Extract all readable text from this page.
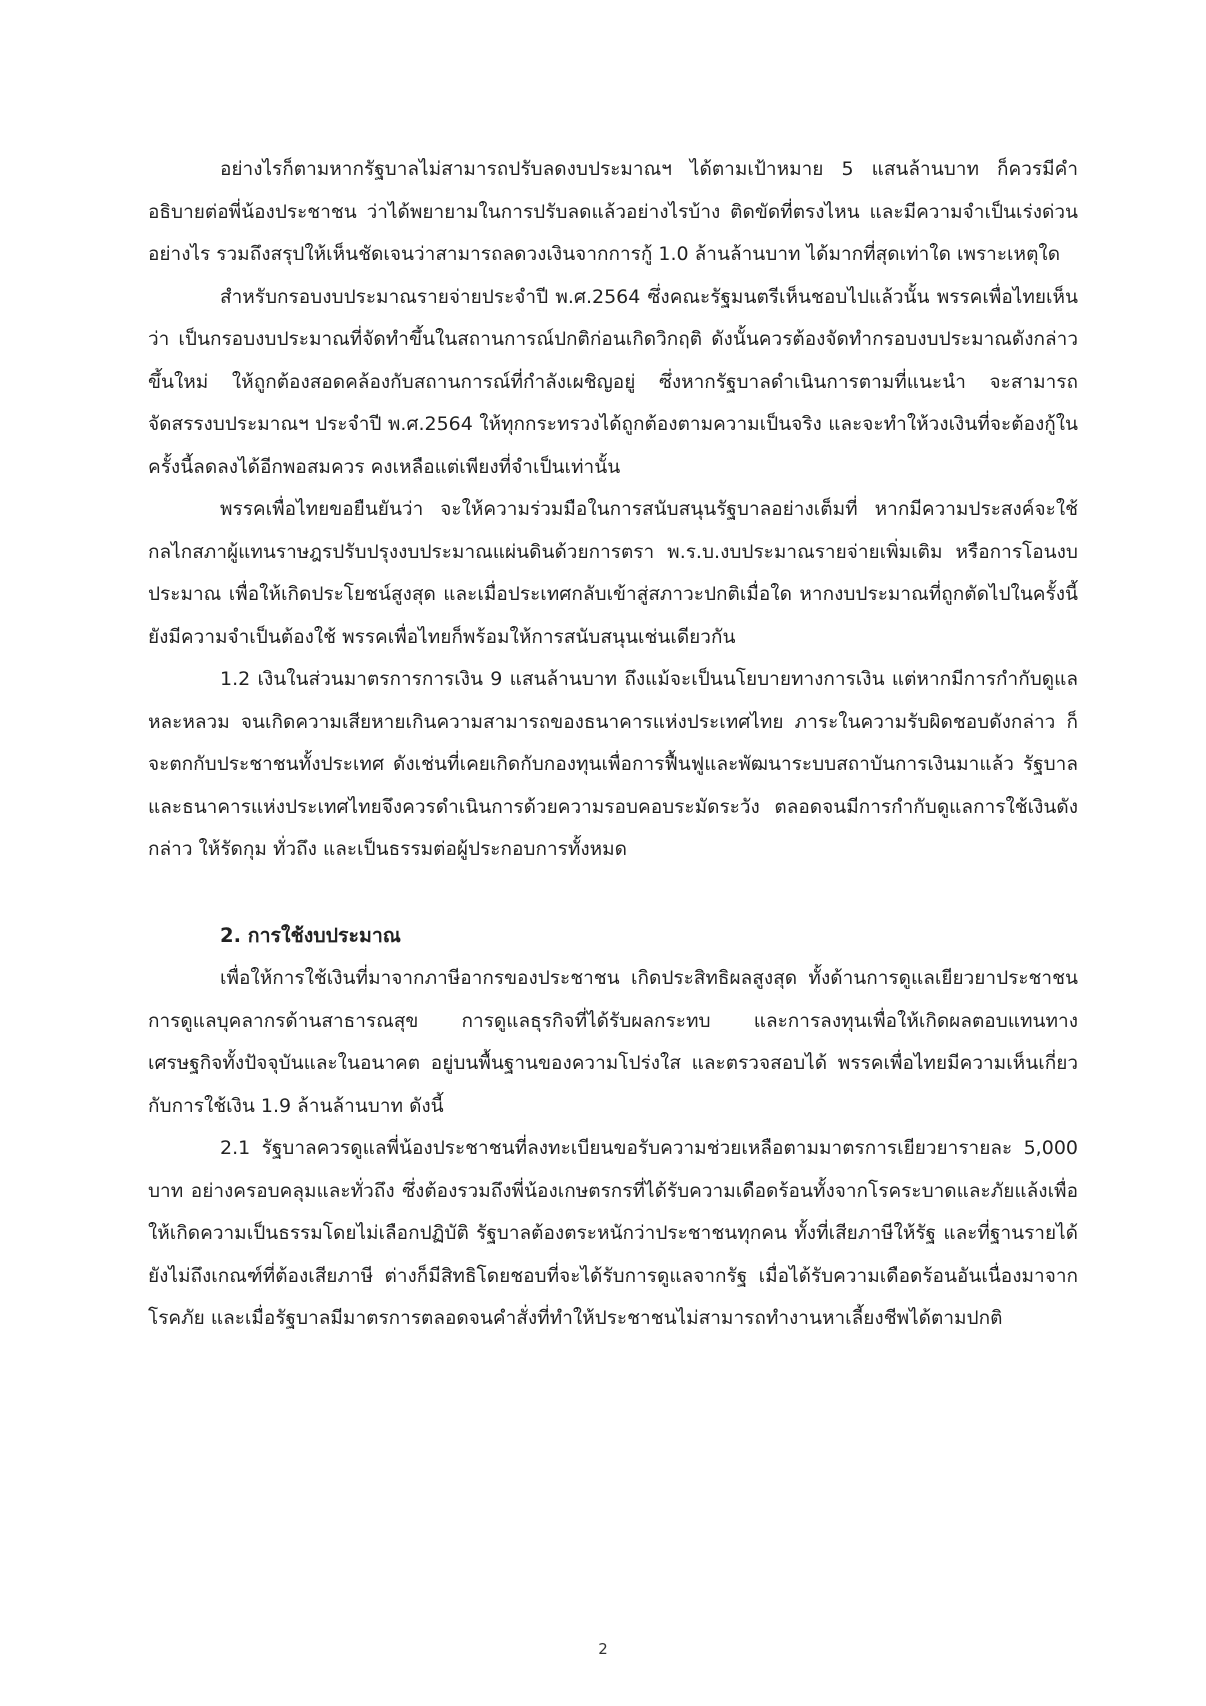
อย่างไรก็ตามหากรัฐบาลไม่สามารถปรับลดงบประมาณฯ ได้ตามเป้าหมาย 5 แสนล้านบาท ก็ควรมีคำอธิบายต่อพี่น้องประชาชน ว่าได้พยายามในการปรับลดแล้วอย่างไรบ้าง ติดขัดที่ตรงไหน และมีความจำเป็นเร่งด่วนอย่างไร รวมถึงสรุปให้เห็นชัดเจนว่าสามารถลดวงเงินจากการกู้ 1.0 ล้านล้านบาท ได้มากที่สุดเท่าใด เพราะเหตุใด

สำหรับกรอบงบประมาณรายจ่ายประจำปี พ.ศ.2564 ซึ่งคณะรัฐมนตรีเห็นชอบไปแล้วนั้น พรรคเพื่อไทยเห็นว่า เป็นกรอบงบประมาณที่จัดทำขึ้นในสถานการณ์ปกติก่อนเกิดวิกฤติ ดังนั้นควรต้องจัดทำกรอบงบประมาณดังกล่าวขึ้นใหม่ ให้ถูกต้องสอดคล้องกับสถานการณ์ที่กำลังเผชิญอยู่ ซึ่งหากรัฐบาลดำเนินการตามที่แนะนำ จะสามารถจัดสรรงบประมาณฯ ประจำปี พ.ศ.2564 ให้ทุกกระทรวงได้ถูกต้องตามความเป็นจริง และจะทำให้วงเงินที่จะต้องกู้ในครั้งนี้ลดลงได้อีกพอสมควร คงเหลือแต่เพียงที่จำเป็นเท่านั้น

พรรคเพื่อไทยขอยืนยันว่า จะให้ความร่วมมือในการสนับสนุนรัฐบาลอย่างเต็มที่ หากมีความประสงค์จะใช้กลไกสภาผู้แทนราษฎรปรับปรุงงบประมาณแผ่นดินด้วยการตรา พ.ร.บ.งบประมาณรายจ่ายเพิ่มเติม หรือการโอนงบประมาณ เพื่อให้เกิดประโยชน์สูงสุด และเมื่อประเทศกลับเข้าสู่สภาวะปกติเมื่อใด หากงบประมาณที่ถูกตัดไปในครั้งนี้ยังมีความจำเป็นต้องใช้ พรรคเพื่อไทยก็พร้อมให้การสนับสนุนเช่นเดียวกัน

1.2 เงินในส่วนมาตรการการเงิน 9 แสนล้านบาท ถึงแม้จะเป็นนโยบายทางการเงิน แต่หากมีการกำกับดูแลหละหลวม จนเกิดความเสียหายเกินความสามารถของธนาคารแห่งประเทศไทย ภาระในความรับผิดชอบดังกล่าว ก็จะตกกับประชาชนทั้งประเทศ ดังเช่นที่เคยเกิดกับกองทุนเพื่อการฟื้นฟูและพัฒนาระบบสถาบันการเงินมาแล้ว รัฐบาลและธนาคารแห่งประเทศไทยจึงควรดำเนินการด้วยความรอบคอบระมัดระวัง ตลอดจนมีการกำกับดูแลการใช้เงินดังกล่าว ให้รัดกุม ทั่วถึง และเป็นธรรมต่อผู้ประกอบการทั้งหมด

2. การใช้งบประมาณ

เพื่อให้การใช้เงินที่มาจากภาษีอากรของประชาชน เกิดประสิทธิผลสูงสุด ทั้งด้านการดูแลเยียวยาประชาชน การดูแลบุคลากรด้านสาธารณสุข การดูแลธุรกิจที่ได้รับผลกระทบ และการลงทุนเพื่อให้เกิดผลตอบแทนทางเศรษฐกิจทั้งปัจจุบันและในอนาคต อยู่บนพื้นฐานของความโปร่งใส และตรวจสอบได้ พรรคเพื่อไทยมีความเห็นเกี่ยวกับการใช้เงิน 1.9 ล้านล้านบาท ดังนี้

2.1 รัฐบาลควรดูแลพี่น้องประชาชนที่ลงทะเบียนขอรับความช่วยเหลือตามมาตรการเยียวยารายละ 5,000 บาท อย่างครอบคลุมและทั่วถึง ซึ่งต้องรวมถึงพี่น้องเกษตรกรที่ได้รับความเดือดร้อนทั้งจากโรคระบาดและภัยแล้งเพื่อให้เกิดความเป็นธรรมโดยไม่เลือกปฏิบัติ รัฐบาลต้องตระหนักว่าประชาชนทุกคน ทั้งที่เสียภาษีให้รัฐ และที่ฐานรายได้ยังไม่ถึงเกณฑ์ที่ต้องเสียภาษี ต่างก็มีสิทธิโดยชอบที่จะได้รับการดูแลจากรัฐ เมื่อได้รับความเดือดร้อนอันเนื่องมาจากโรคภัย และเมื่อรัฐบาลมีมาตรการตลอดจนคำสั่งที่ทำให้ประชาชนไม่สามารถทำงานหาเลี้ยงชีพได้ตามปกติ

2
